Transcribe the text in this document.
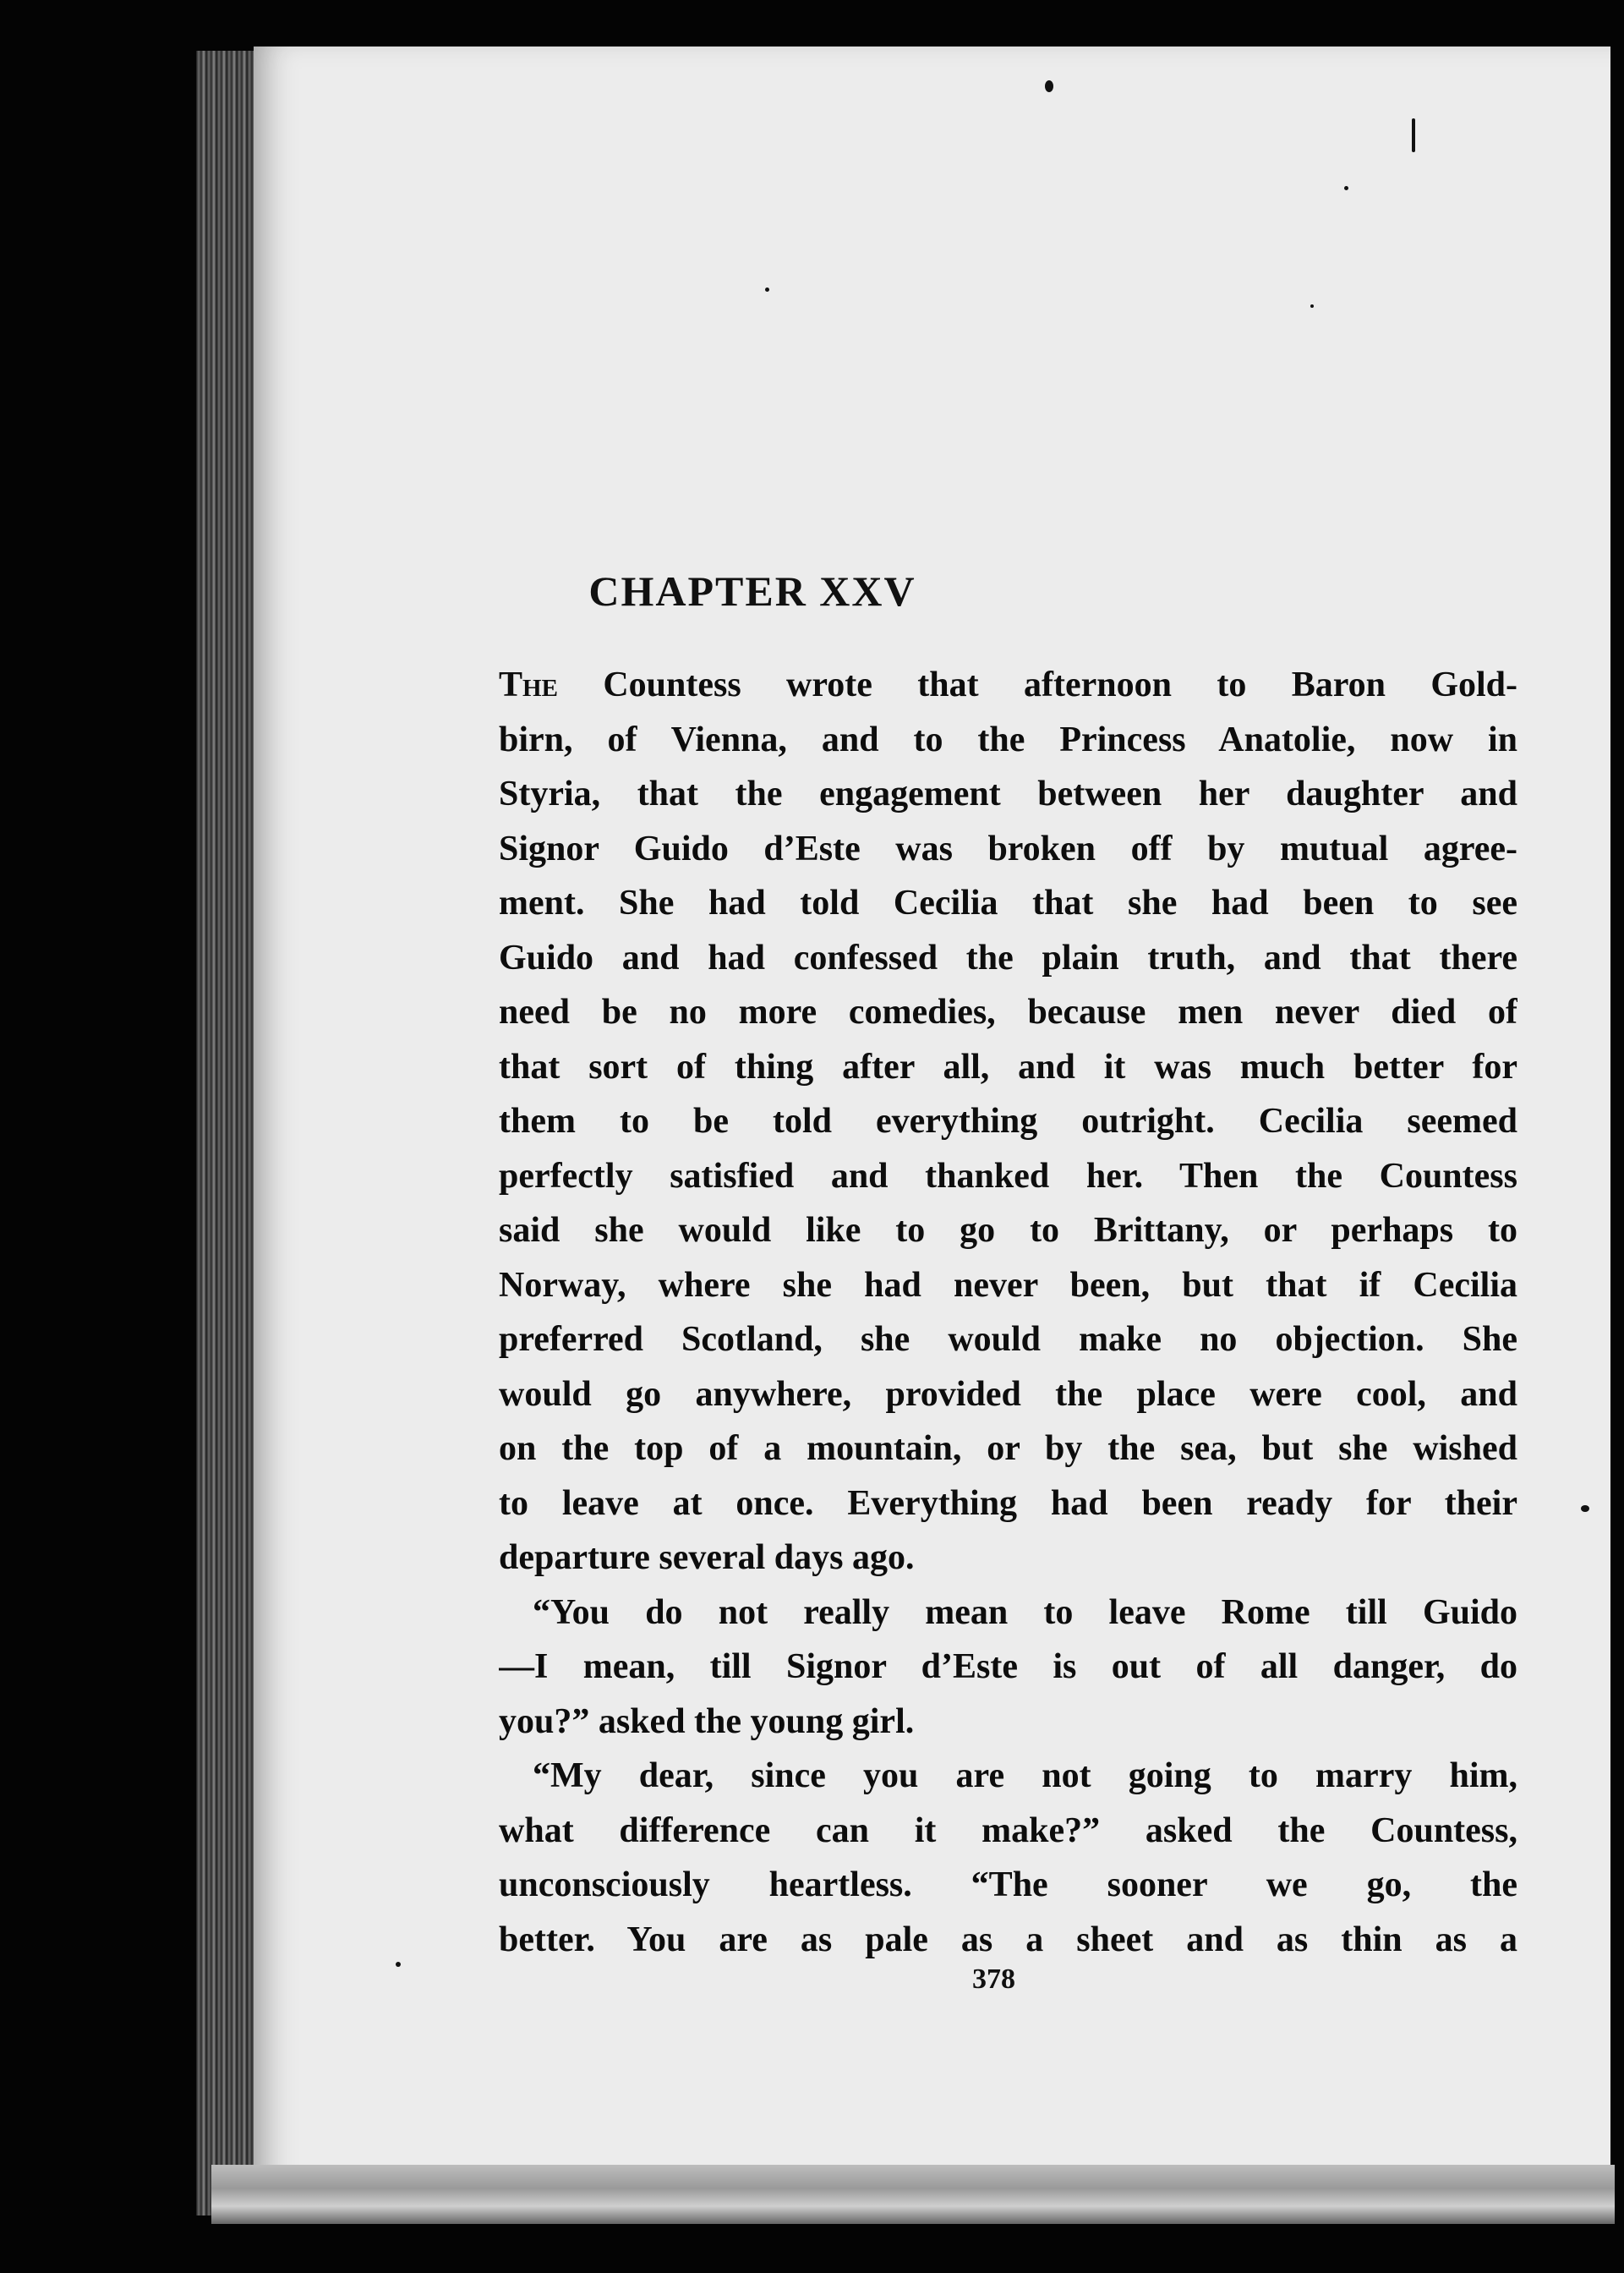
CHAPTER XXV

The Countess wrote that afternoon to Baron Gold-
birn, of Vienna, and to the Princess Anatolie, now in
Styria, that the engagement between her daughter and
Signor Guido d’Este was broken off by mutual agree-
ment. She had told Cecilia that she had been to see
Guido and had confessed the plain truth, and that there
need be no more comedies, because men never died of
that sort of thing after all, and it was much better for
them to be told everything outright. Cecilia seemed
perfectly satisfied and thanked her. Then the Countess
said she would like to go to Brittany, or perhaps to
Norway, where she had never been, but that if Cecilia
preferred Scotland, she would make no objection. She
would go anywhere, provided the place were cool, and
on the top of a mountain, or by the sea, but she wished
to leave at once. Everything had been ready for their
departure several days ago.

“You do not really mean to leave Rome till Guido
—I mean, till Signor d’Este is out of all danger, do
you?” asked the young girl.

“My dear, since you are not going to marry him,
what difference can it make?” asked the Countess,
unconsciously heartless. “The sooner we go, the
better. You are as pale as a sheet and as thin as a

378
